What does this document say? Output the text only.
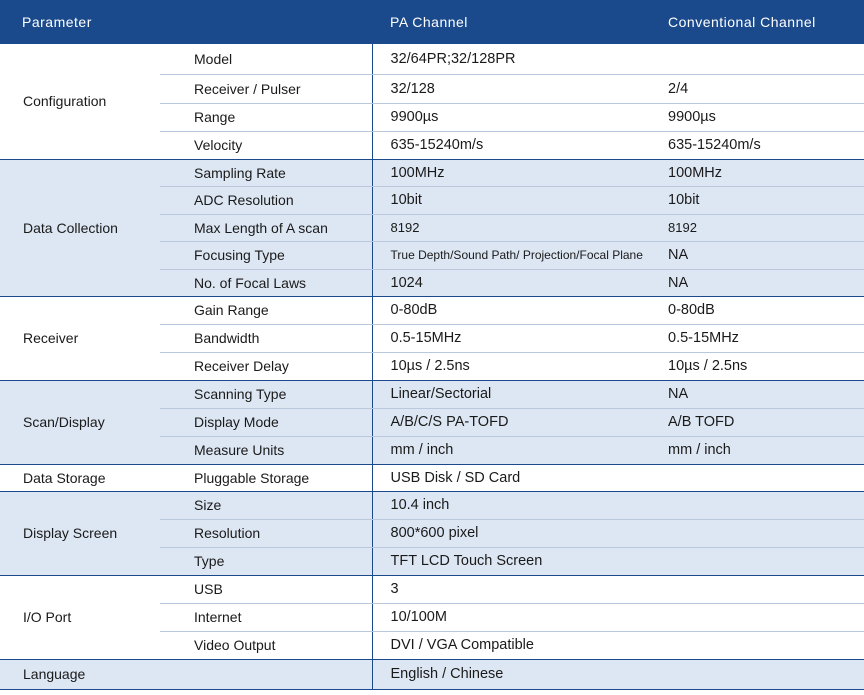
Parameter		PA Channel	Conventional Channel
Configuration	Model	32/64PR;32/128PR	
	Receiver / Pulser	32/128	2/4
	Range	9900µs	9900µs
	Velocity	635-15240m/s	635-15240m/s
Data Collection	Sampling Rate	100MHz	100MHz
	ADC Resolution	10bit	10bit
	Max Length of A scan	8192	8192
	Focusing Type	True Depth/Sound Path/ Projection/Focal Plane	NA
	No. of Focal Laws	1024	NA
Receiver	Gain Range	0-80dB	0-80dB
	Bandwidth	0.5-15MHz	0.5-15MHz
	Receiver Delay	10µs / 2.5ns	10µs / 2.5ns
Scan/Display	Scanning Type	Linear/Sectorial	NA
	Display Mode	A/B/C/S PA-TOFD	A/B TOFD
	Measure Units	mm / inch	mm / inch
Data Storage	Pluggable Storage	USB Disk / SD Card	
Display Screen	Size	10.4 inch	
	Resolution	800*600 pixel	
	Type	TFT LCD Touch Screen	
I/O Port	USB	3	
	Internet	10/100M	
	Video Output	DVI / VGA Compatible	
Language		English / Chinese	
